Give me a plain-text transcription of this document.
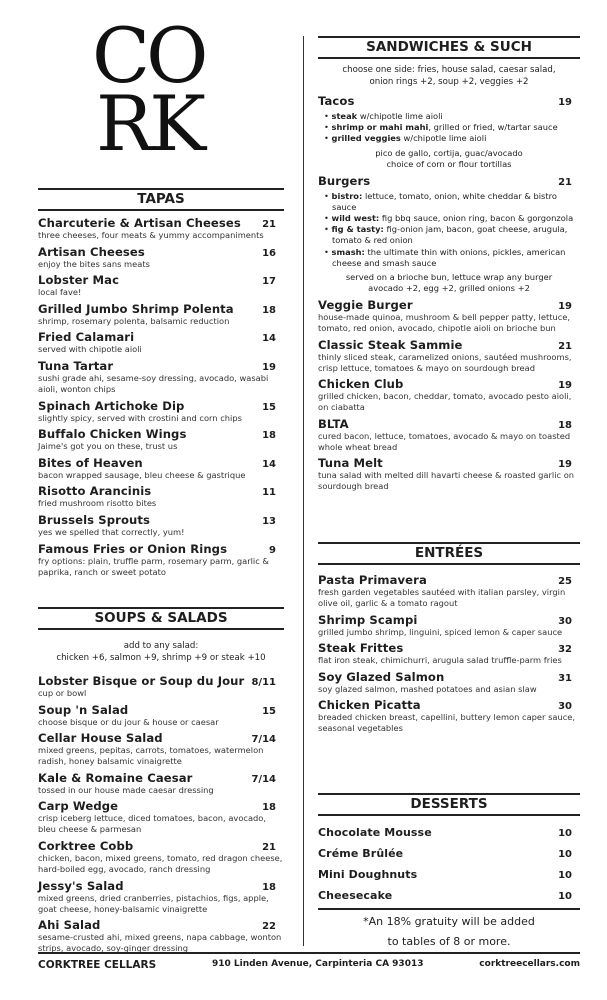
CO
RK
TAPAS
Charcuterie & Artisan Cheeses 21
three cheeses, four meats & yummy accompaniments
Artisan Cheeses	16
enjoy the bites sans meats
Lobster Mac	17
local fave!
Grilled Jumbo Shrimp Polenta	18
shrimp, rosemary polenta, balsamic reduction
Fried Calamari	14
served with chipotle aioli
Tuna Tartar	19
sushi grade ahi, sesame-soy dressing, avocado, wasabi aioli, wonton chips
Spinach Artichoke Dip	15
slightly spicy, served with crostini and corn chips
Buffalo Chicken Wings	18
Jaime's got you on these, trust us
Bites of Heaven	14
bacon wrapped sausage, bleu cheese & gastrique
Risotto Arancinis	11
fried mushroom risotto bites
Brussels Sprouts	13
yes we spelled that correctly, yum!
Famous Fries or Onion Rings	9
fry options: plain, truffle parm, rosemary parm, garlic & paprika, ranch or sweet potato
SOUPS & SALADS
add to any salad:
chicken +6, salmon +9, shrimp +9 or steak +10
Lobster Bisque or Soup du Jour 8/11
cup or bowl
Soup 'n Salad	15
choose bisque or du jour & house or caesar
Cellar House Salad	7/14
mixed greens, pepitas, carrots, tomatoes, watermelon radish, honey balsamic vinaigrette
Kale & Romaine Caesar	7/14
tossed in our house made caesar dressing
Carp Wedge	18
crisp iceberg lettuce, diced tomatoes, bacon, avocado, bleu cheese & parmesan
Corktree Cobb	21
chicken, bacon, mixed greens, tomato, red dragon cheese, hard-boiled egg, avocado, ranch dressing
Jessy's Salad	18
mixed greens, dried cranberries, pistachios, figs, apple, goat cheese, honey-balsamic vinaigrette
Ahi Salad	22
sesame-crusted ahi, mixed greens, napa cabbage, wonton strips, avocado, soy-ginger dressing
SANDWICHES & SUCH
choose one side: fries, house salad, caesar salad,
onion rings +2, soup +2, veggies +2
Tacos	19
• steak w/chipotle lime aioli
• shrimp or mahi mahi, grilled or fried, w/tartar sauce
• grilled veggies w/chipotle lime aioli
pico de gallo, cortija, guac/avocado
choice of corn or flour tortillas
Burgers	21
• bistro: lettuce, tomato, onion, white cheddar & bistro sauce
• wild west: fig bbq sauce, onion ring, bacon & gorgonzola
• fig & tasty: fig-onion jam, bacon, goat cheese, arugula, tomato & red onion
• smash: the ultimate thin with onions, pickles, american cheese and smash sauce
served on a brioche bun, lettuce wrap any burger
avocado +2, egg +2, grilled onions +2
Veggie Burger	19
house-made quinoa, mushroom & bell pepper patty, lettuce, tomato, red onion, avocado, chipotle aioli on brioche bun
Classic Steak Sammie	21
thinly sliced steak, caramelized onions, sautéed mushrooms, crisp lettuce, tomatoes & mayo on sourdough bread
Chicken Club	19
grilled chicken, bacon, cheddar, tomato, avocado pesto aioli, on ciabatta
BLTA	18
cured bacon, lettuce, tomatoes, avocado & mayo on toasted whole wheat bread
Tuna Melt	19
tuna salad with melted dill havarti cheese & roasted garlic on sourdough bread
ENTRÉES
Pasta Primavera	25
fresh garden vegetables sautéed with italian parsley, virgin olive oil, garlic & a tomato ragout
Shrimp Scampi	30
grilled jumbo shrimp, linguini, spiced lemon & caper sauce
Steak Frittes	32
flat iron steak, chimichurri, arugula salad truffle-parm fries
Soy Glazed Salmon	31
soy glazed salmon, mashed potatoes and asian slaw
Chicken Picatta	30
breaded chicken breast, capellini, buttery lemon caper sauce, seasonal vegetables
DESSERTS
Chocolate Mousse	10
Créme Brûlée	10
Mini Doughnuts	10
Cheesecake	10
*An 18% gratuity will be added
to tables of 8 or more.
CORKTREE CELLARS	910 Linden Avenue, Carpinteria CA 93013	corktreecellars.com
